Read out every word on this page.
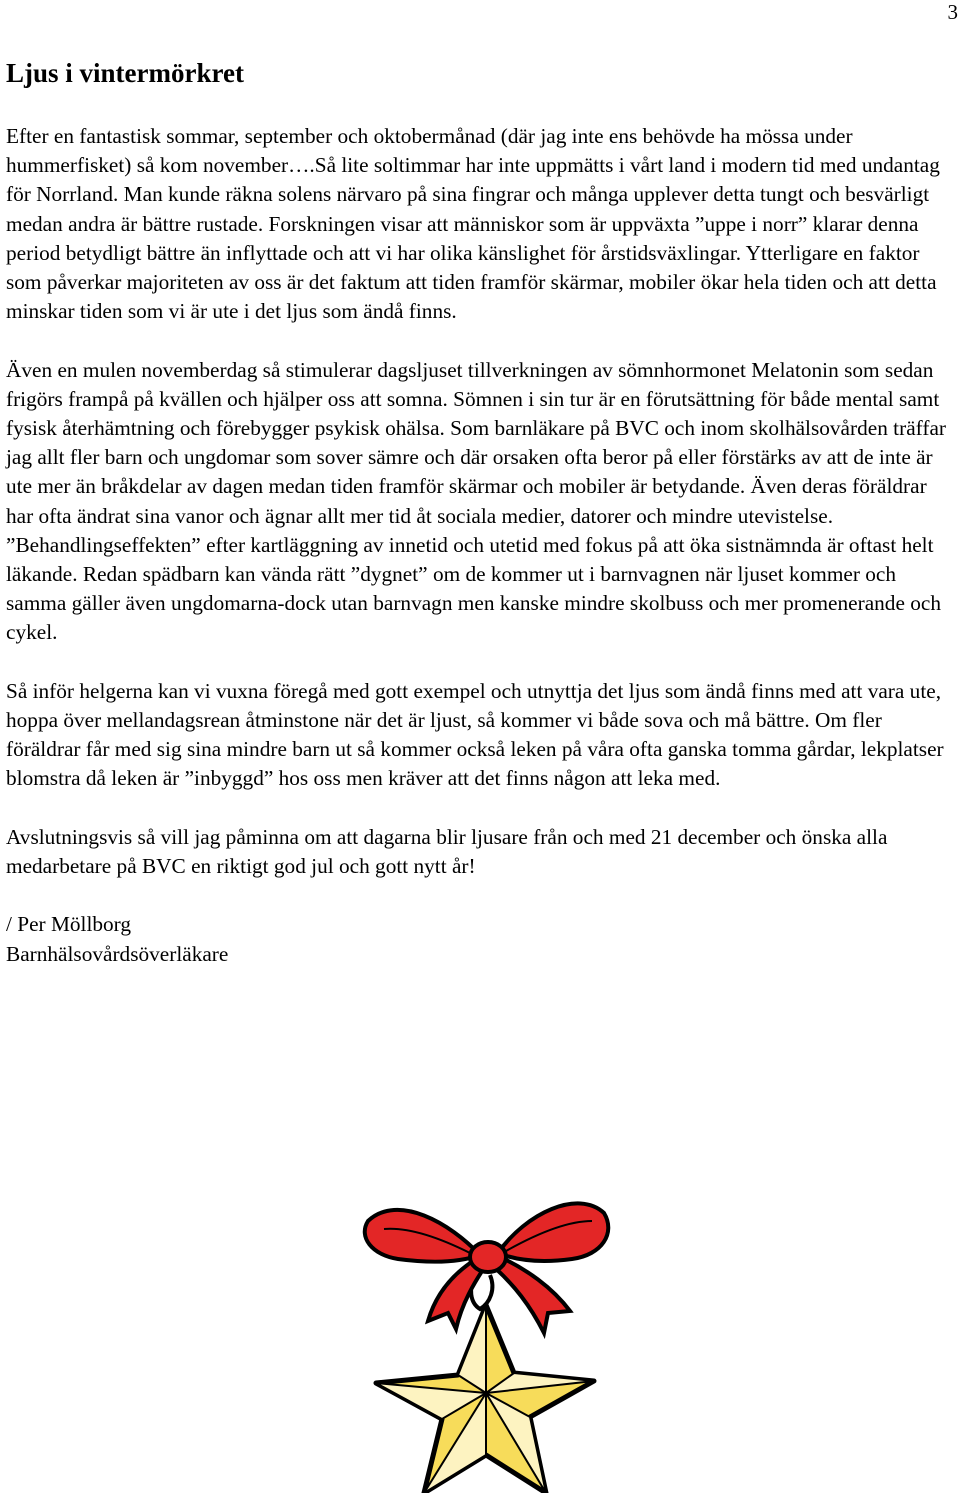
3
Ljus i vintermörkret

Efter en fantastisk sommar, september och oktobermånad (där jag inte ens behövde ha mössa under hummerfisket) så kom november….Så lite soltimmar har inte uppmätts i vårt land i modern tid med undantag för Norrland. Man kunde räkna solens närvaro på sina fingrar och många upplever detta tungt och besvärligt medan andra är bättre rustade. Forskningen visar att människor som är uppväxta ”uppe i norr” klarar denna period betydligt bättre än inflyttade och att vi har olika känslighet för årstidsväxlingar. Ytterligare en faktor som påverkar majoriteten av oss är det faktum att tiden framför skärmar, mobiler ökar hela tiden och att detta minskar tiden som vi är ute i det ljus som ändå finns.

Även en mulen novemberdag så stimulerar dagsljuset tillverkningen av sömnhormonet Melatonin som sedan frigörs frampå på kvällen och hjälper oss att somna. Sömnen i sin tur är en förutsättning för både mental samt fysisk återhämtning och förebygger psykisk ohälsa. Som barnläkare på BVC och inom skolhälsovården träffar jag allt fler barn och ungdomar som sover sämre och där orsaken ofta beror på eller förstärks av att de inte är ute mer än bråkdelar av dagen medan tiden framför skärmar och mobiler är betydande. Även deras föräldrar har ofta ändrat sina vanor och ägnar allt mer tid åt sociala medier, datorer och mindre utevistelse. ”Behandlingseffekten” efter kartläggning av innetid och utetid med fokus på att öka sistnämnda är oftast helt läkande. Redan spädbarn kan vända rätt ”dygnet” om de kommer ut i barnvagnen när ljuset kommer och samma gäller även ungdomarna-dock utan barnvagn men kanske mindre skolbuss och mer promenerande och cykel.

Så inför helgerna kan vi vuxna föregå med gott exempel och utnyttja det ljus som ändå finns med att vara ute, hoppa över mellandagsrean åtminstone när det är ljust, så kommer vi både sova och må bättre. Om fler föräldrar får med sig sina mindre barn ut så kommer också leken på våra ofta ganska tomma gårdar, lekplatser blomstra då leken är ”inbyggd” hos oss men kräver att det finns någon att leka med.

Avslutningsvis så vill jag påminna om att dagarna blir ljusare från och med 21 december och önska alla medarbetare på BVC en riktigt god jul och gott nytt år!

/ Per Möllborg

Barnhälsovårdsöverläkare
